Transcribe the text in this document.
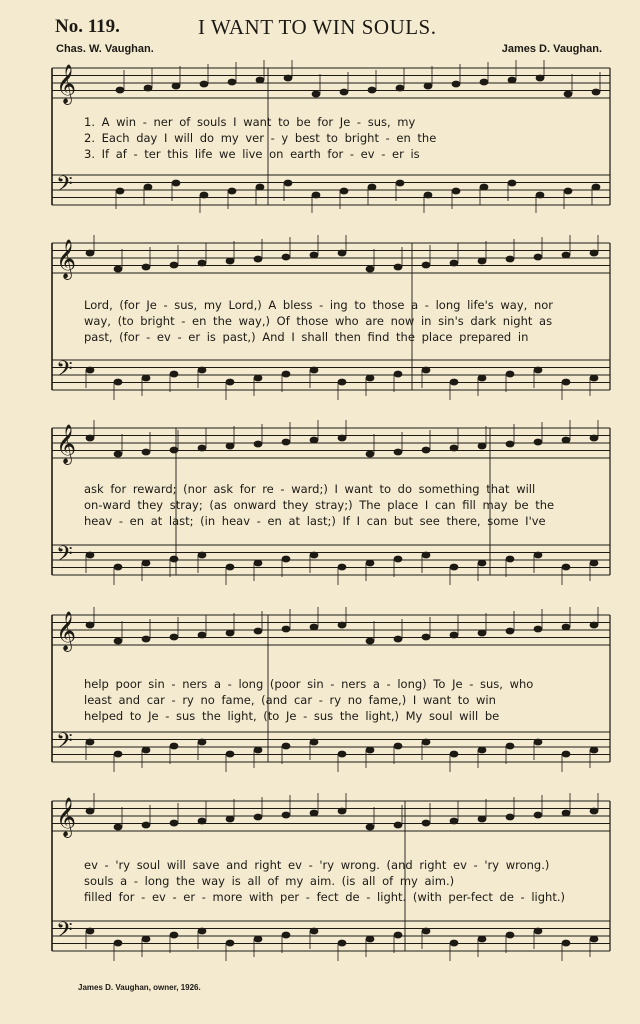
No. 119.	I WANT TO WIN SOULS.
Chas. W. Vaughan.	James D. Vaughan.
𝄞
𝄢
1. A win - ner of souls I want to be for Je - sus, my
2. Each day I will do my ver - y best to bright - en the
3. If af - ter this life we live on earth for - ev - er is
𝄞
𝄢
Lord, (for Je - sus, my Lord,) A bless - ing to those a - long life's way, nor
way, (to bright - en the way,) Of those who are now in sin's dark night as
past, (for - ev - er is past,) And I shall then find the place prepared in
𝄞
𝄢
ask for reward; (nor ask for re - ward;) I want to do something that will
on-ward they stray; (as onward they stray;) The place I can fill may be the
heav - en at last; (in heav - en at last;) If I can but see there, some I've
𝄞
𝄢
help poor sin - ners a - long (poor sin - ners a - long) To Je - sus, who
least and car - ry no fame, (and car - ry no fame,) I want to win
helped to Je - sus the light, (to Je - sus the light,) My soul will be
𝄞
𝄢
ev - 'ry soul will save and right ev - 'ry wrong. (and right ev - 'ry wrong.)
souls a - long the way is all of my aim. (is all of my aim.)
filled for - ev - er - more with per - fect de - light. (with per-fect de - light.)
James D. Vaughan, owner, 1926.
